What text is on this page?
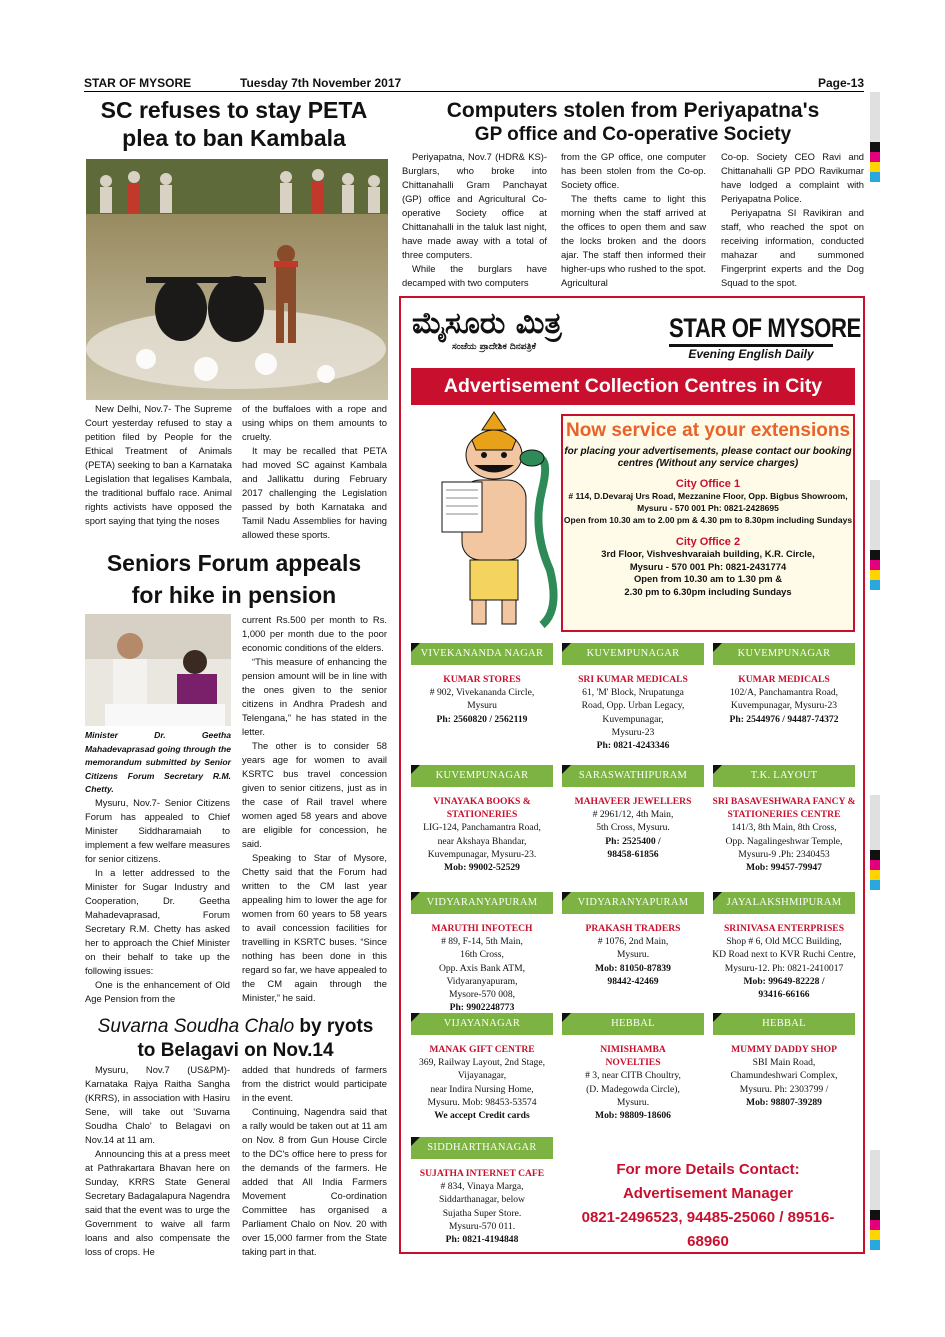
STAR OF MYSORE	Tuesday 7th November 2017	Page-13
SC refuses to stay PETA
plea to ban Kambala

New Delhi, Nov.7- The Supreme Court yesterday refused to stay a petition filed by People for the Ethical Treatment of Animals (PETA) seeking to ban a Karnataka Legislation that legalises Kambala, the traditional buffalo race. Animal rights activists have opposed the sport saying that tying the noses

of the buffaloes with a rope and using whips on them amounts to cruelty.

It may be recalled that PETA had moved SC against Kambala and Jallikattu during February 2017 challenging the Legislation passed by both Karnataka and Tamil Nadu Assemblies for having allowed these sports.

Computers stolen from Periyapatna's
GP office and Co-operative Society

Periyapatna, Nov.7 (HDR& KS)- Burglars, who broke into Chittanahalli Gram Panchayat (GP) office and Agricultural Co-operative Society office at Chittanahalli in the taluk last night, have made away with a total of three computers.

While the burglars have decamped with two computers

from the GP office, one computer has been stolen from the Co-op. Society office.

The thefts came to light this morning when the staff arrived at the offices to open them and saw the locks broken and the doors ajar. The staff then informed their higher-ups who rushed to the spot. Agricultural

Co-op. Society CEO Ravi and Chittanahalli GP PDO Ravikumar have lodged a complaint with Periyapatna Police.

Periyapatna SI Ravikiran and staff, who reached the spot on receiving information, conducted mahazar and summoned Fingerprint experts and the Dog Squad to the spot.

Seniors Forum appeals
for hike in pension
Minister Dr. Geetha Mahadevaprasad going through the memorandum submitted by Senior Citizens Forum Secretary R.M. Chetty.

Mysuru, Nov.7- Senior Citizens Forum has appealed to Chief Minister Siddharamaiah to implement a few welfare measures for senior citizens.

In a letter addressed to the Minister for Sugar Industry and Cooperation, Dr. Geetha Mahadevaprasad, Forum Secretary R.M. Chetty has asked her to approach the Chief Minister on their behalf to take up the following issues:

One is the enhancement of Old Age Pension from the

current Rs.500 per month to Rs. 1,000 per month due to the poor economic conditions of the elders.

“This measure of enhancing the pension amount will be in line with the ones given to the senior citizens in Andhra Pradesh and Telengana,” he has stated in the letter.

The other is to consider 58 years age for women to avail KSRTC bus travel concession given to senior citizens, just as in the case of Rail travel where women aged 58 years and above are eligible for concession, he said.

Speaking to Star of Mysore, Chetty said that the Forum had written to the CM last year appealing him to lower the age for women from 60 years to 58 years to avail concession facilities for travelling in KSRTC buses. “Since nothing has been done in this regard so far, we have appealed to the CM again through the Minister,” he said.

Suvarna Soudha Chalo by ryots
to Belagavi on Nov.14

Mysuru, Nov.7 (US&PM)- Karnataka Rajya Raitha Sangha (KRRS), in association with Hasiru Sene, will take out 'Suvarna Soudha Chalo' to Belagavi on Nov.14 at 11 am.

Announcing this at a press meet at Pathrakartara Bhavan here on Sunday, KRRS State General Secretary Badagalapura Nagendra said that the event was to urge the Government to waive all farm loans and also compensate the loss of crops. He

added that hundreds of farmers from the district would participate in the event.

Continuing, Nagendra said that a rally would be taken out at 11 am on Nov. 8 from Gun House Circle to the DC's office here to press for the demands of the farmers. He added that All India Farmers Movement Co-ordination Committee has organised a Parliament Chalo on Nov. 20 with over 15,000 farmer from the State taking part in that.

ಮೈಸೂರು ಮಿತ್ರ
ಸಂಜೆಯ ಪ್ರಾದೇಶಿಕ ದಿನಪತ್ರಿಕೆ
STAR OF MYSORE
Evening English Daily
Advertisement Collection Centres in City
Now service at your extensions
for placing your advertisements, please contact our booking centres (Without any service charges)
City Office 1
# 114, D.Devaraj Urs Road, Mezzanine Floor, Opp. Bigbus Showroom, Mysuru - 570 001 Ph: 0821-2428695
Open from 10.30 am to 2.00 pm & 4.30 pm to 8.30pm including Sundays
City Office 2
3rd Floor, Vishveshvaraiah building, K.R. Circle,
Mysuru - 570 001 Ph: 0821-2431774
Open from 10.30 am to 1.30 pm &
2.30 pm to 6.30pm including Sundays
VIVEKANANDA NAGAR
KUMAR STORES
# 902, Vivekananda Circle,
Mysuru
Ph: 2560820 / 2562119
KUVEMPUNAGAR
SRI KUMAR MEDICALS
61, 'M' Block, Nrupatunga
Road, Opp. Urban Legacy,
Kuvempunagar,
Mysuru-23
Ph: 0821-4243346
KUVEMPUNAGAR
KUMAR MEDICALS
102/A, Panchamantra Road,
Kuvempunagar, Mysuru-23
Ph: 2544976 / 94487-74372
KUVEMPUNAGAR
VINAYAKA BOOKS & STATIONERIES
LIG-124, Panchamantra Road,
near Akshaya Bhandar,
Kuvempunagar, Mysuru-23.
Mob: 99002-52529
SARASWATHIPURAM
MAHAVEER JEWELLERS
# 2961/12, 4th Main,
5th Cross, Mysuru.
Ph: 2525400 /
98458-61856
T.K. LAYOUT
SRI BASAVESHWARA FANCY &
STATIONERIES CENTRE
141/3, 8th Main, 8th Cross,
Opp. Nagalingeshwar Temple,
Mysuru-9 .Ph: 2340453
Mob: 99457-79947
VIDYARANYAPURAM
MARUTHI INFOTECH
# 89, F-14, 5th Main,
16th Cross,
Opp. Axis Bank ATM,
Vidyaranyapuram,
Mysore-570 008,
Ph: 9902248773
VIDYARANYAPURAM
PRAKASH TRADERS
# 1076, 2nd Main,
Mysuru.
Mob: 81050-87839
98442-42469
JAYALAKSHMIPURAM
SRINIVASA ENTERPRISES
Shop # 6, Old MCC Building,
KD Road next to KVR Ruchi Centre,
Mysuru-12. Ph: 0821-2410017
Mob: 99649-82228 /
93416-66166
VIJAYANAGAR
MANAK GIFT CENTRE
369, Railway Layout, 2nd Stage,
Vijayanagar,
near Indira Nursing Home,
Mysuru. Mob: 98453-53574
We accept Credit cards
HEBBAL
NIMISHAMBA
NOVELTIES
# 3, near CITB Choultry,
(D. Madegowda Circle),
Mysuru.
Mob: 98809-18606
HEBBAL
MUMMY DADDY SHOP
SBI Main Road,
Chamundeshwari Complex,
Mysuru. Ph: 2303799 /
Mob: 98807-39289
SIDDHARTHANAGAR
SUJATHA INTERNET CAFE
# 834, Vinaya Marga,
Siddarthanagar, below
Sujatha Super Store.
Mysuru-570 011.
Ph: 0821-4194848
For more Details Contact:
Advertisement Manager
0821-2496523, 94485-25060 / 89516-68960
